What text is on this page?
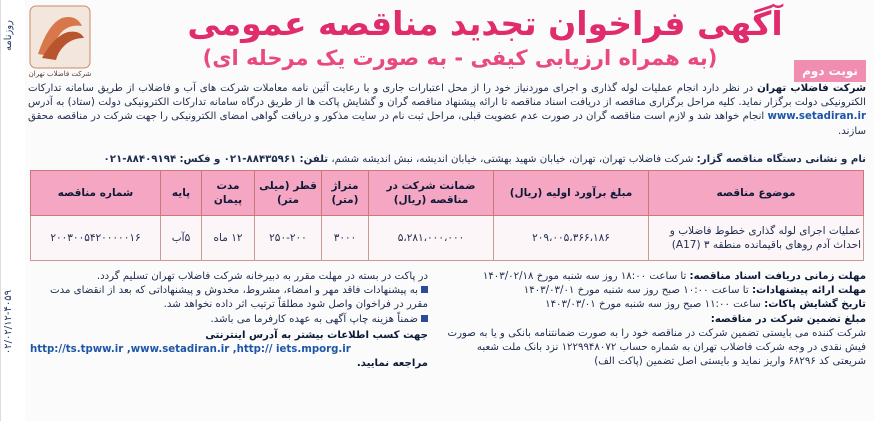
روزنامه
۰۲/۰۲/۱۲-۴۰۵۹
شرکت فاضلاب تهران
آگهی فراخوان تجدید مناقصه عمومی
(به همراه ارزیابی کیفی - به صورت یک مرحله ای)
نوبت دوم
شرکت فاضلاب تهران در نظر دارد انجام عملیات لوله گذاری و اجرای موردنیاز خود را از محل اعتبارات جاری و با رعایت آئین نامه معاملات شرکت های آب و فاضلاب از طریق سامانه تدارکات الکترونیکی دولت برگزار نماید. کلیه مراحل برگزاری مناقصه از دریافت اسناد مناقصه تا ارائه پیشنهاد مناقصه گران و گشایش پاکت ها از طریق درگاه سامانه تدارکات الکترونیکی دولت (ستاد) به آدرس www.setadiran.ir انجام خواهد شد و لازم است مناقصه گران در صورت عدم عضویت قبلی، مراحل ثبت نام در سایت مذکور و دریافت گواهی امضای الکترونیکی را جهت شرکت در مناقصه محقق سازند.
نام و نشانی دستگاه مناقصه گزار: شرکت فاضلاب تهران، تهران، خیابان شهید بهشتی، خیابان اندیشه، نبش اندیشه ششم، تلفن: ۸۸۴۳۵۹۶۱-۰۲۱ و فکس: ۸۸۴۰۹۱۹۴-۰۲۱
موضوع مناقصه	مبلغ برآورد اولیه (ریال)	ضمانت شرکت در مناقصه (ریال)	متراژ (متر)	قطر (میلی متر)	مدت پیمان	پایه	شماره مناقصه
عملیات اجرای لوله گذاری خطوط فاضلاب و احداث آدم روهای باقیمانده منطقه ۳ (A17)	۲۰۹،۰۰۵،۳۶۶،۱۸۶	۵،۲۸۱،۰۰۰،۰۰۰	۳۰۰۰	۲۵۰-۲۰۰	۱۲ ماه	۵آب	۲۰۰۳۰۰۵۴۲۰۰۰۰۰۱۶
مهلت زمانی دریافت اسناد مناقصه: تا ساعت ۱۸:۰۰ روز سه شنبه مورخ ۱۴۰۳/۰۲/۱۸
مهلت ارائه پیشنهادات: تا ساعت ۱۰:۰۰ صبح روز سه شنبه مورخ ۱۴۰۳/۰۳/۰۱
تاریخ گشایش پاکات: ساعت ۱۱:۰۰ صبح روز سه شنبه مورخ ۱۴۰۳/۰۳/۰۱
مبلغ تضمین شرکت در مناقصه:
شرکت کننده می بایستی تضمین شرکت در مناقصه خود را به صورت ضمانتنامه بانکی و یا به صورت فیش نقدی در وجه شرکت فاضلاب تهران به شماره حساب ۱۲۲۹۹۴۸۰۷۲ نزد بانک ملت شعبه شریعتی کد ۶۸۲۹۶ واریز نماید و بایستی اصل تضمین (پاکت الف)
در پاکت در بسته در مهلت مقرر به دبیرخانه شرکت فاضلاب تهران تسلیم گردد.
به پیشنهادات فاقد مهر و امضاء، مشروط، مخدوش و پیشنهاداتی که بعد از انقضای مدت مقرر در فراخوان واصل شود مطلقاً ترتیب اثر داده نخواهد شد.
ضمناً هزینه چاپ آگهی به عهده کارفرما می باشد.
جهت کسب اطلاعات بیشتر به آدرس اینترنتی
http://ts.tpww.ir ,www.setadiran.ir ,http:// iets.mporg.ir
مراجعه نمایید.
